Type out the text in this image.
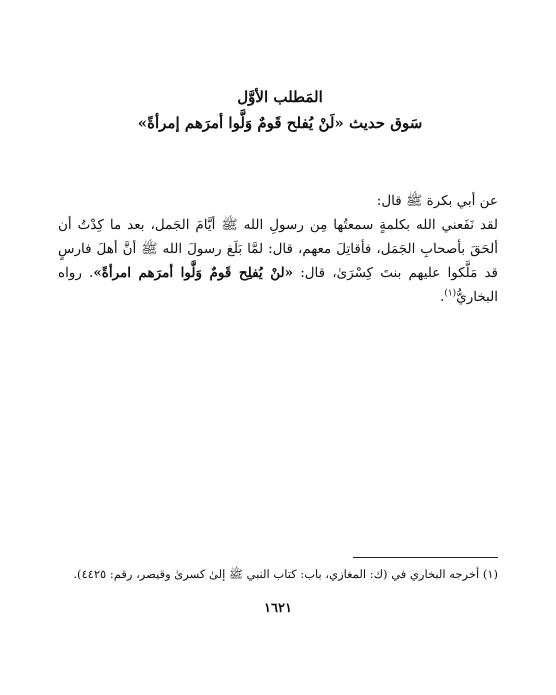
المَطلب الأوَّل
سَوق حديث «لَنْ يُفلح قَومٌ وَلَّوا أمرَهم إمرأةً»
عن أبي بكرة ﷺ قال:
لقد نَفَعني الله بكلمةٍ سمعتُها مِن رسولِ الله ﷺ أيَّامَ الجَمل، بعد ما كِدْتُ أن ألحَقَ بأصحابِ الجَمَل، فأقاتِلَ معهم، قال: لمَّا بَلَغ رسولَ الله ﷺ أنَّ أهلَ فارسٍ قد مَلَّكوا عليهم بنتَ كِسْرَىٰ، قال: «لنْ يُفلِح قَومٌ وَلَّوا أمرَهم امرأةً». رواه البخاريُّ$^{(١)}$.
(١) أخرجه البخاري في (ك: المغازي، باب: كتاب النبي ﷺ إلىٰ كسرىٰ وقيصر، رقم: ٤٤٢٥).
١٦٢١
